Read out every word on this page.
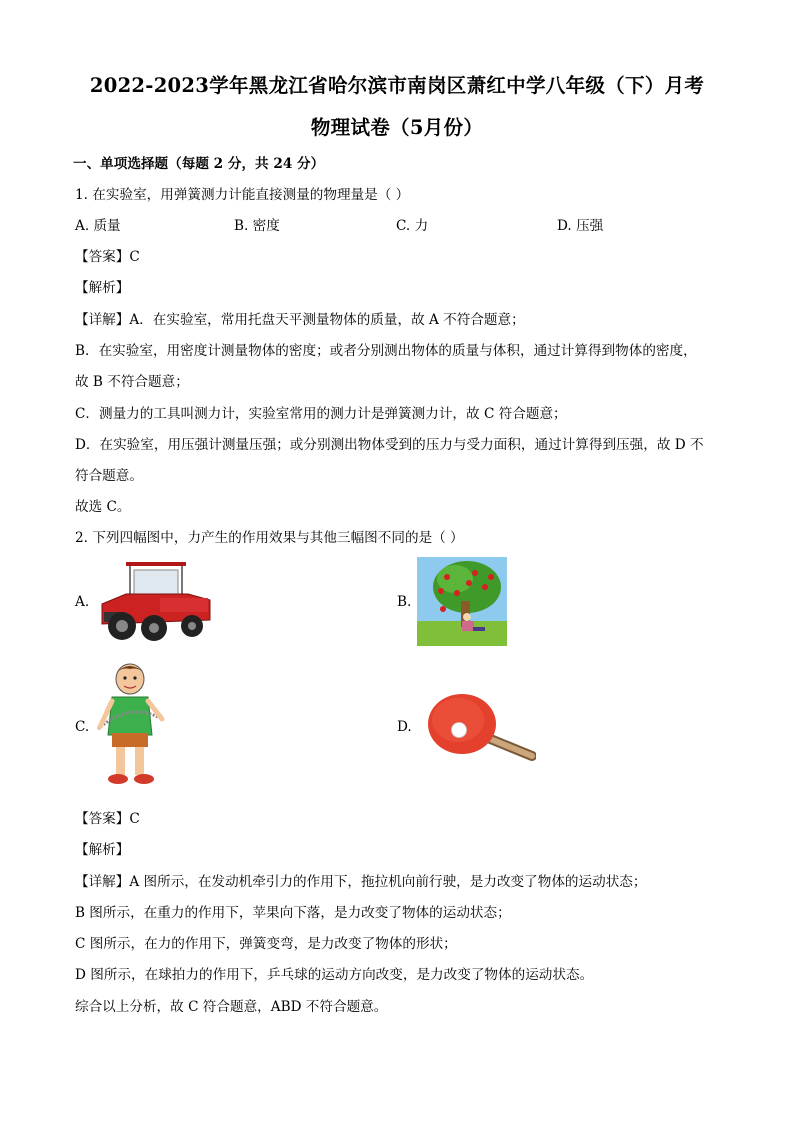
2022-2023学年黑龙江省哈尔滨市南岗区萧红中学八年级（下）月考
物理试卷（5月份）
一、单项选择题（每题 2 分，共 24 分）
1. 在实验室，用弹簧测力计能直接测量的物理量是（ ）
A. 质量	B. 密度	C. 力	D. 压强
【答案】C
【解析】
【详解】A．在实验室，常用托盘天平测量物体的质量，故 A 不符合题意；
B．在实验室，用密度计测量物体的密度；或者分别测出物体的质量与体积，通过计算得到物体的密度，
故 B 不符合题意；
C．测量力的工具叫测力计，实验室常用的测力计是弹簧测力计，故 C 符合题意；
D．在实验室，用压强计测量压强；或分别测出物体受到的压力与受力面积，通过计算得到压强，故 D 不
符合题意。
故选 C。
2. 下列四幅图中，力产生的作用效果与其他三幅图不同的是（ ）
A.	B.
C.	D.
【答案】C
【解析】
【详解】A 图所示，在发动机牵引力的作用下，拖拉机向前行驶，是力改变了物体的运动状态；
B 图所示，在重力的作用下，苹果向下落，是力改变了物体的运动状态；
C 图所示，在力的作用下，弹簧变弯，是力改变了物体的形状；
D 图所示，在球拍力的作用下，乒乓球的运动方向改变，是力改变了物体的运动状态。
综合以上分析，故 C 符合题意，ABD 不符合题意。
